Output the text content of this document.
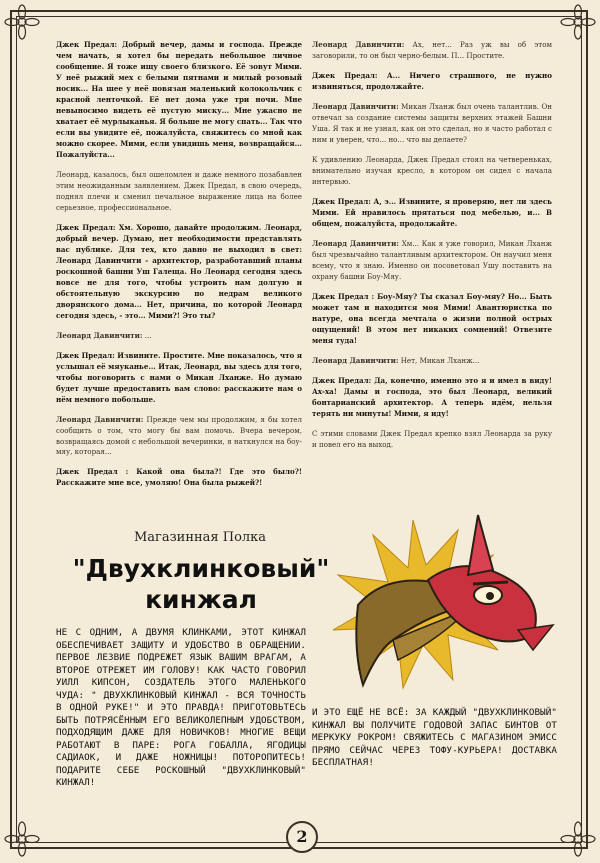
Джек Предал: Добрый вечер, дамы и господа. Прежде чем начать, я хотел бы передать небольшое личное сообщение. Я тоже ищу своего близкого. Её зовут Мими. У неё рыжий мех с белыми пятнами и милый розовый носик... На шее у неё повязан маленький колокольчик с красной ленточкой. Её нет дома уже три ночи. Мне невыносимо видеть её пустую миску... Мне ужасно не хватает её мурлыканья. Я больше не могу спать... Так что если вы увидите её, пожалуйста, свяжитесь со мной как можно скорее. Мими, если увидишь меня, возвращайся... Пожалуйста...

Леонард, казалось, был ошеломлен и даже немного позабавлен этим неожиданным заявлением. Джек Предал, в свою очередь, поднял плечи и сменил печальное выражение лица на более серьезное, профессиональное.

Джек Предал: Хм. Хорошо, давайте продолжим. Леонард, добрый вечер. Думаю, нет необходимости представлять вас публике. Для тех, кто давно не выходил в свет: Леонард Давинчити - архитектор, разработавший планы роскошной башни Уш Галеща. Но Леонард сегодня здесь вовсе не для того, чтобы устроить нам долгую и обстоятельную экскурсию по недрам великого дворянского дома... Нет, причина, по которой Леонард сегодня здесь, - это... Мими?! Это ты?

Леонард Давинчити: ...

Джек Предал: Извините. Простите. Мне показалось, что я услышал её мяуканье... Итак, Леонард, вы здесь для того, чтобы поговорить с нами о Микан Лханже. Но думаю будет лучше предоставить вам слово: расскажите нам о нём немного побольше.

Леонард Давинчити: Прежде чем мы продолжим, я бы хотел сообщить о том, что могу бы вам помочь. Вчера вечером, возвращаясь домой с небольшой вечеринки, я наткнулся на боу-мяу, которая...

Джек Предал : Какой она была?! Где это было?! Расскажите мне все, умоляю! Она была рыжей?!

Леонард Давинчити: Ах, нет... Раз уж вы об этом заговорили, то он был черно-белым. П... Простите.

Джек Предал: А... Ничего страшного, не нужно извиняться, продолжайте.

Леонард Давинчити: Микан Лханж был очень талантлив. Он отвечал за создание системы защиты верхних этажей Башни Уша. Я так и не узнал, как он это сделал, но я часто работал с ним и уверен, что... но... что вы делаете?

К удивлению Леонарда, Джек Предал стоял на четвереньках, внимательно изучая кресло, в котором он сидел с начала интервью.

Джек Предал: А, э... Извините, я проверяю, нет ли здесь Мими. Ей нравилось прятаться под мебелью, и... В общем, пожалуйста, продолжайте.

Леонард Давинчити: Хм... Как я уже говорил, Микан Лханж был чрезвычайно талантливым архитектором. Он научил меня всему, что я знаю. Именно он посоветовал Ушу поставить на охрану башни Боу-Мяу.

Джек Предал : Боу-Мяу? Ты сказал Боу-мяу? Но... Быть может там и находится моя Мими! Авантюристка по натуре, она всегда мечтала о жизни полной острых ощущений! В этом нет никаких сомнений! Отвезите меня туда!

Леонард Давинчити: Нет, Микан Лханж...

Джек Предал: Да, конечно, именно это я и имел в виду! Ах-ха! Дамы и господа, это был Леонард, великий бонтарианский архитектор. А теперь идём, нельзя терять ни минуты! Мими, я иду!

С этими словами Джек Предал крепко взял Леонарда за руку и повел его на выход.

Магазинная Полка
"Двухклинковый"
кинжал
НЕ С ОДНИМ, А ДВУМЯ КЛИНКАМИ, ЭТОТ КИНЖАЛ ОБЕСПЕЧИВАЕТ ЗАЩИТУ И УДОБСТВО В ОБРАЩЕНИИ. ПЕРВОЕ ЛЕЗВИЕ ПОДРЕЖЕТ ЯЗЫК ВАШИМ ВРАГАМ, А ВТОРОЕ ОТРЕЖЕТ ИМ ГОЛОВУ! КАК ЧАСТО ГОВОРИЛ УИЛЛ КИПСОН, СОЗДАТЕЛЬ ЭТОГО МАЛЕНЬКОГО ЧУДА: " ДВУХКЛИНКОВЫЙ КИНЖАЛ - ВСЯ ТОЧНОСТЬ В ОДНОЙ РУКЕ!" И ЭТО ПРАВДА! ПРИГОТОВЬТЕСЬ БЫТЬ ПОТРЯСЁННЫМ ЕГО ВЕЛИКОЛЕПНЫМ УДОБСТВОМ, ПОДХОДЯЩИМ ДАЖЕ ДЛЯ НОВИЧКОВ! МНОГИЕ ВЕЩИ РАБОТАЮТ В ПАРЕ: РОГА ГОБАЛЛА, ЯГОДИЦЫ САДИАОК, И ДАЖЕ НОЖНИЦЫ! ПОТОРОПИТЕСЬ! ПОДАРИТЕ СЕБЕ РОСКОШНЫЙ "ДВУХКЛИНКОВЫЙ" КИНЖАЛ!
И ЭТО ЕЩЁ НЕ ВСЁ: ЗА КАЖДЫЙ "ДВУХКЛИНКОВЫЙ" КИНЖАЛ ВЫ ПОЛУЧИТЕ ГОДОВОЙ ЗАПАС БИНТОВ ОТ МЕРКУКУ РОКРОМ! СВЯЖИТЕСЬ С МАГАЗИНОМ ЭМИСС ПРЯМО СЕЙЧАС ЧЕРЕЗ ТОФУ-КУРЬЕРА! ДОСТАВКА БЕСПЛАТНАЯ!
2
